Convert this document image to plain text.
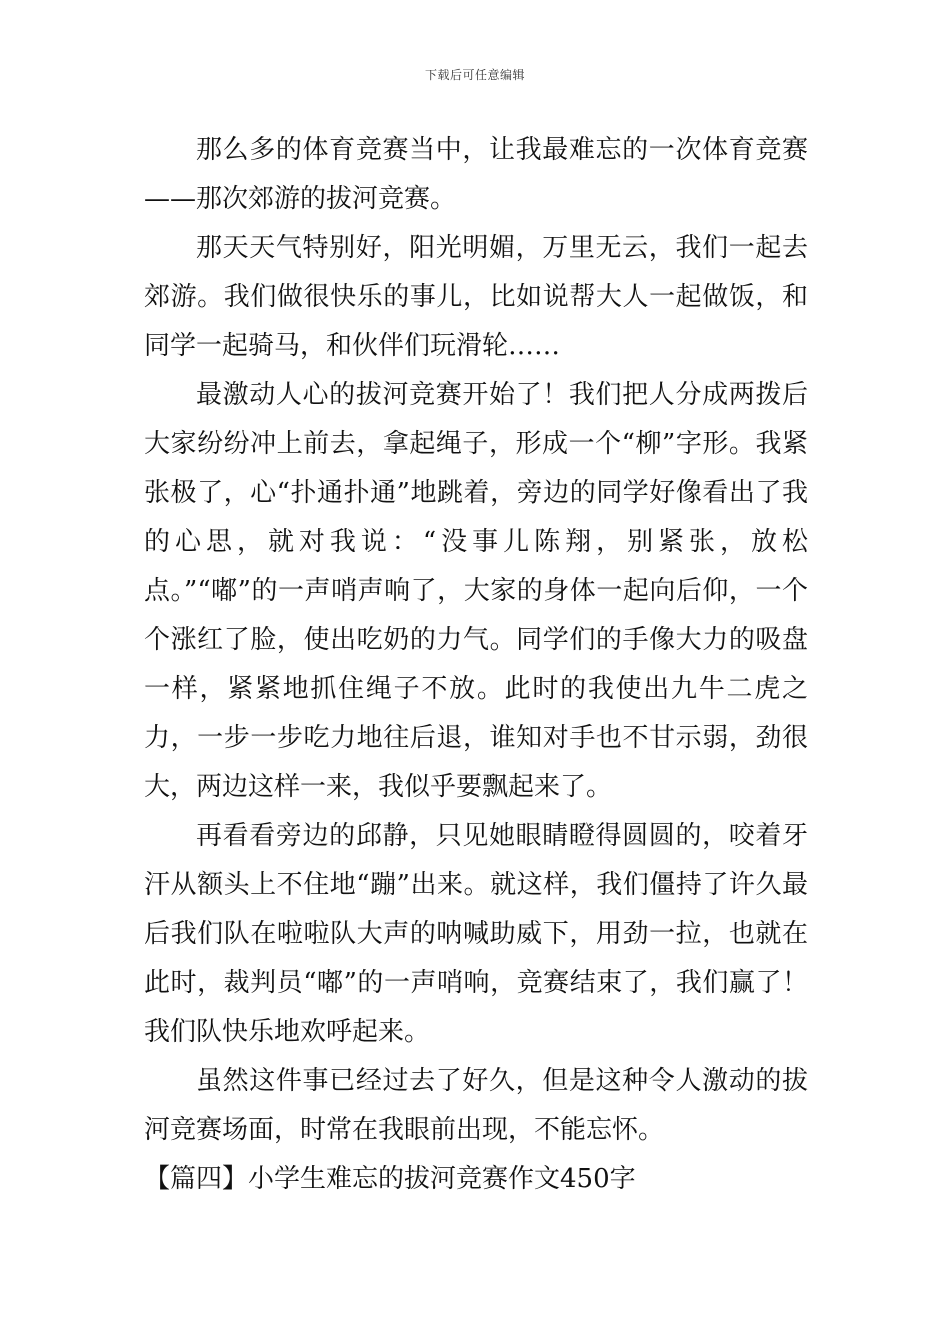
下载后可任意编辑

那么多的体育竞赛当中，让我最难忘的一次体育竞赛——那次郊游的拔河竞赛。

那天天气特别好，阳光明媚，万里无云，我们一起去郊游。我们做很快乐的事儿，比如说帮大人一起做饭，和同学一起骑马，和伙伴们玩滑轮……

最激动人心的拔河竞赛开始了！我们把人分成两拨后大家纷纷冲上前去，拿起绳子，形成一个“柳”字形。我紧张极了，心“扑通扑通”地跳着，旁边的同学好像看出了我的心思，就对我说：“没事儿陈翔，别紧张，放松点。”“嘟”的一声哨声响了，大家的身体一起向后仰，一个个涨红了脸，使出吃奶的力气。同学们的手像大力的吸盘一样，紧紧地抓住绳子不放。此时的我使出九牛二虎之力，一步一步吃力地往后退，谁知对手也不甘示弱，劲很大，两边这样一来，我似乎要飘起来了。

再看看旁边的邱静，只见她眼睛瞪得圆圆的，咬着牙汗从额头上不住地“蹦”出来。就这样，我们僵持了许久最后我们队在啦啦队大声的呐喊助威下，用劲一拉，也就在此时，裁判员“嘟”的一声哨响，竞赛结束了，我们赢了！我们队快乐地欢呼起来。

虽然这件事已经过去了好久，但是这种令人激动的拔河竞赛场面，时常在我眼前出现，不能忘怀。

【篇四】小学生难忘的拔河竞赛作文450字
